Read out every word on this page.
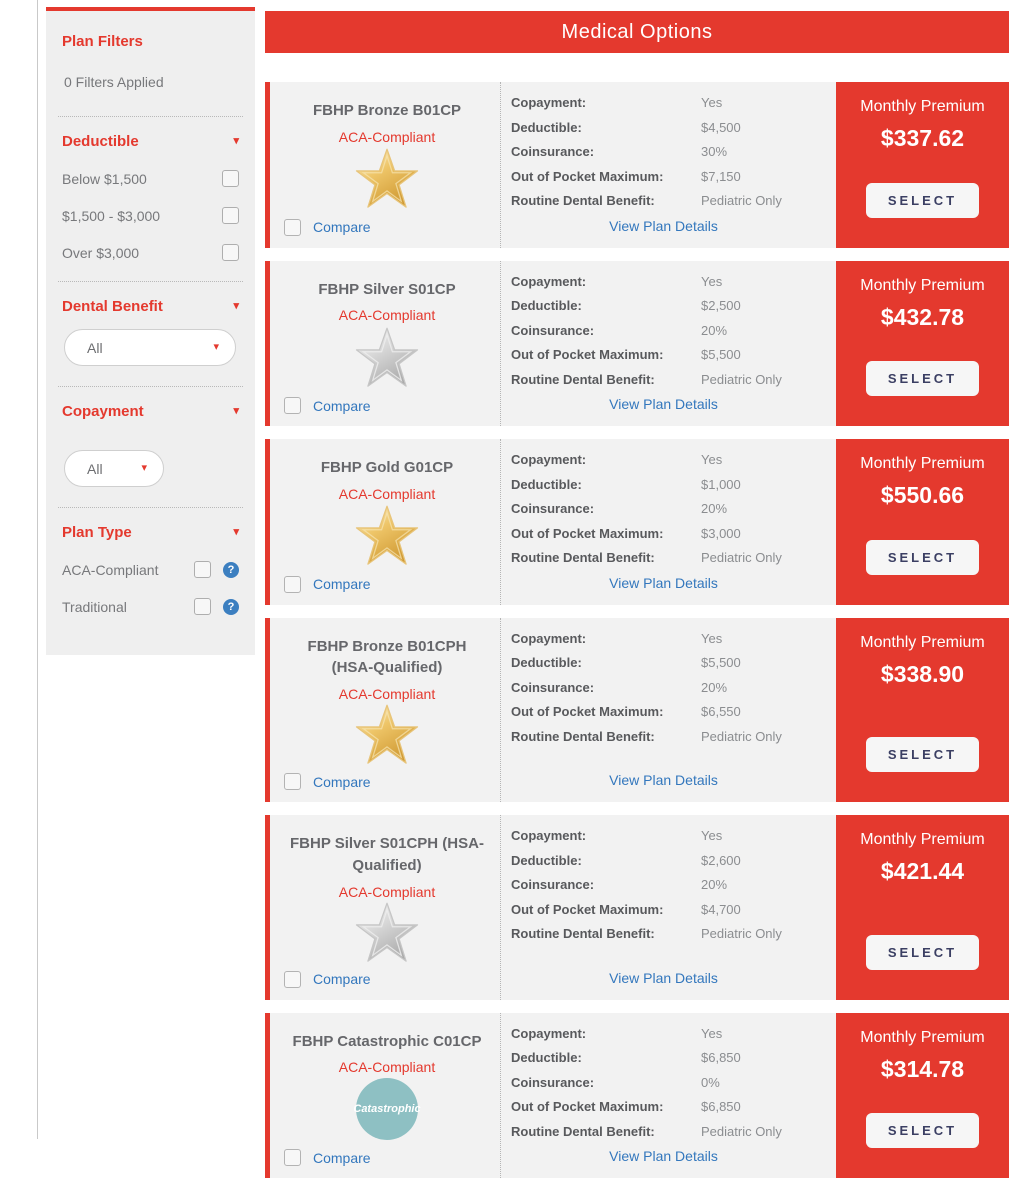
Plan Filters
0 Filters Applied
Deductible	▾
Below $1,500
$1,500 - $3,000
Over $3,000
Dental Benefit	▾
All	▾
Copayment	▾
All	▾
Plan Type	▾
ACA-Compliant	?
Traditional	?
Medical Options
FBHP Bronze B01CP
ACA-Compliant
Compare
Copayment:	Yes
Deductible:	$4,500
Coinsurance:	30%
Out of Pocket Maximum:	$7,150
Routine Dental Benefit:	Pediatric Only
View Plan Details
Monthly Premium
$337.62
SELECT
FBHP Silver S01CP
ACA-Compliant
Compare
Copayment:	Yes
Deductible:	$2,500
Coinsurance:	20%
Out of Pocket Maximum:	$5,500
Routine Dental Benefit:	Pediatric Only
View Plan Details
Monthly Premium
$432.78
SELECT
FBHP Gold G01CP
ACA-Compliant
Compare
Copayment:	Yes
Deductible:	$1,000
Coinsurance:	20%
Out of Pocket Maximum:	$3,000
Routine Dental Benefit:	Pediatric Only
View Plan Details
Monthly Premium
$550.66
SELECT
FBHP Bronze B01CPH (HSA-Qualified)
ACA-Compliant
Compare
Copayment:	Yes
Deductible:	$5,500
Coinsurance:	20%
Out of Pocket Maximum:	$6,550
Routine Dental Benefit:	Pediatric Only
View Plan Details
Monthly Premium
$338.90
SELECT
FBHP Silver S01CPH (HSA-Qualified)
ACA-Compliant
Compare
Copayment:	Yes
Deductible:	$2,600
Coinsurance:	20%
Out of Pocket Maximum:	$4,700
Routine Dental Benefit:	Pediatric Only
View Plan Details
Monthly Premium
$421.44
SELECT
FBHP Catastrophic C01CP
ACA-Compliant
Catastrophic
Compare
Copayment:	Yes
Deductible:	$6,850
Coinsurance:	0%
Out of Pocket Maximum:	$6,850
Routine Dental Benefit:	Pediatric Only
View Plan Details
Monthly Premium
$314.78
SELECT
